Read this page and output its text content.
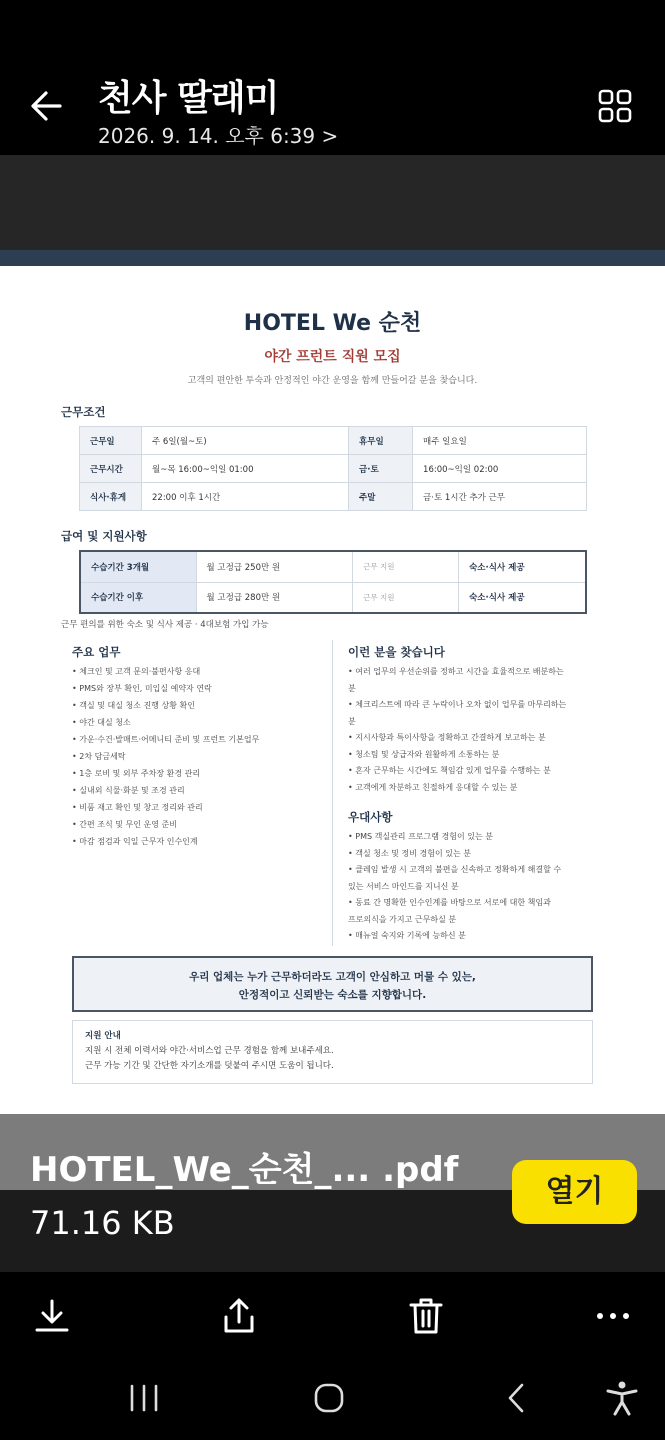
천사 딸래미
2026. 9. 14. 오후 6:39 >
HOTEL We 순천
야간 프런트 직원 모집
고객의 편안한 투숙과 안정적인 야간 운영을 함께 만들어갈 분을 찾습니다.
근무조건
근무일	주 6일(월~토)	휴무일	매주 일요일
근무시간	월~목 16:00~익일 01:00	금·토	16:00~익일 02:00
식사·휴게	22:00 이후 1시간	주말	금·토 1시간 추가 근무
급여 및 지원사항
수습기간 3개월	월 고정급 250만 원	근무 지원	숙소·식사 제공
수습기간 이후	월 고정급 280만 원	근무 지원	숙소·식사 제공
근무 편의를 위한 숙소 및 식사 제공 · 4대보험 가입 가능
주요 업무
• 체크인 및 고객 문의·불편사항 응대
• PMS와 장부 확인, 미입실 예약자 연락
• 객실 및 대실 청소 진행 상황 확인
• 야간 대실 청소
• 가운·수건·발매트·어메니티 준비 및 프런트 기본업무
• 2차 담금세탁
• 1층 로비 및 외부 주차장 환경 관리
• 실내외 식물·화분 및 조경 관리
• 비품 재고 확인 및 창고 정리와 관리
• 간편 조식 및 무인 운영 준비
• 마감 점검과 익일 근무자 인수인계
이런 분을 찾습니다
• 여러 업무의 우선순위를 정하고 시간을 효율적으로 배분하는
분
• 체크리스트에 따라 큰 누락이나 오차 없이 업무를 마무리하는
분
• 지시사항과 특이사항을 정확하고 간결하게 보고하는 분
• 청소팀 및 상급자와 원활하게 소통하는 분
• 혼자 근무하는 시간에도 책임감 있게 업무를 수행하는 분
• 고객에게 차분하고 친절하게 응대할 수 있는 분
우대사항
• PMS 객실관리 프로그램 경험이 있는 분
• 객실 청소 및 정비 경험이 있는 분
• 클레임 발생 시 고객의 불편을 신속하고 정확하게 해결할 수
있는 서비스 마인드를 지니신 분
• 동료 간 명확한 인수인계를 바탕으로 서로에 대한 책임과
프로의식을 가지고 근무하실 분
• 매뉴얼 숙지와 기록에 능하신 분
우리 업체는 누가 근무하더라도 고객이 안심하고 머물 수 있는,
안정적이고 신뢰받는 숙소를 지향합니다.
지원 안내
지원 시 전체 이력서와 야간·서비스업 근무 경험을 함께 보내주세요.
근무 가능 기간 및 간단한 자기소개를 덧붙여 주시면 도움이 됩니다.
HOTEL_We_순천_... .pdf
71.16 KB
열기
